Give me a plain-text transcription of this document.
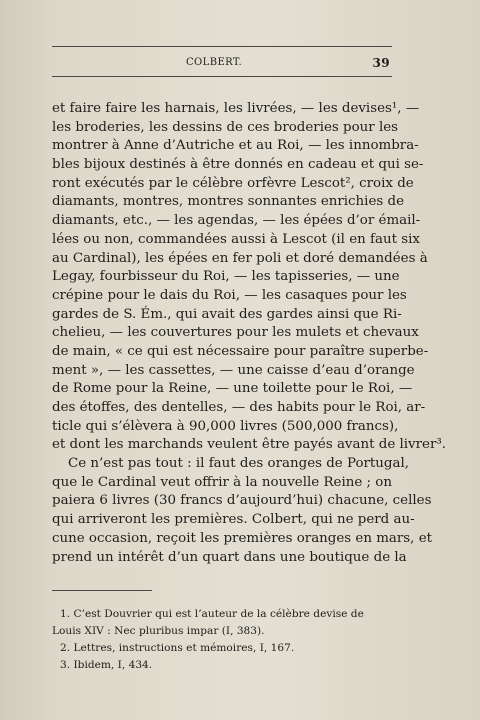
COLBERT.	39
et faire faire les harnais, les livrées, — les devises¹, —
les broderies, les dessins de ces broderies pour les
montrer à Anne d’Autriche et au Roi, — les innombra-
bles bijoux destinés à être donnés en cadeau et qui se-
ront exécutés par le célèbre orfèvre Lescot², croix de
diamants, montres, montres sonnantes enrichies de
diamants, etc., — les agendas, — les épées d’or émail-
lées ou non, commandées aussi à Lescot (il en faut six
au Cardinal), les épées en fer poli et doré demandées à
Legay, fourbisseur du Roi, — les tapisseries, — une
crépine pour le dais du Roi, — les casaques pour les
gardes de S. Ém., qui avait des gardes ainsi que Ri-
chelieu, — les couvertures pour les mulets et chevaux
de main, « ce qui est nécessaire pour paraître superbe-
ment », — les cassettes, — une caisse d’eau d’orange
de Rome pour la Reine, — une toilette pour le Roi, —
des étoffes, des dentelles, — des habits pour le Roi, ar-
ticle qui s’élèvera à 90,000 livres (500,000 francs),
et dont les marchands veulent être payés avant de livrer³.
Ce n’est pas tout : il faut des oranges de Portugal,
que le Cardinal veut offrir à la nouvelle Reine ; on
paiera 6 livres (30 francs d’aujourd’hui) chacune, celles
qui arriveront les premières. Colbert, qui ne perd au-
cune occasion, reçoit les premières oranges en mars, et
prend un intérêt d’un quart dans une boutique de la
1. C’est Douvrier qui est l’auteur de la célèbre devise de
Louis XIV : Nec pluribus impar (I, 383).
2. Lettres, instructions et mémoires, I, 167.
3. Ibidem, I, 434.
